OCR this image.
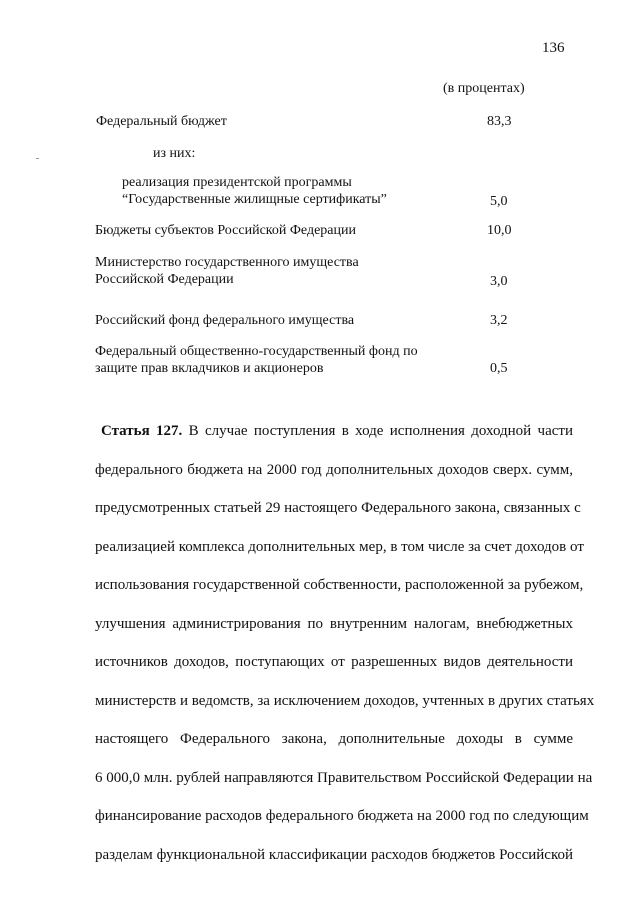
136
(в процентах)
Федеральный бюджет	83,3
из них:
реализация президентской программы
“Государственные жилищные сертификаты”	5,0
Бюджеты субъектов Российской Федерации	10,0
Министерство государственного имущества
Российской Федерации	3,0
Российский фонд федерального имущества	3,2
Федеральный общественно-государственный фонд по
защите прав вкладчиков и акционеров	0,5
Статья 127. В случае поступления в ходе исполнения доходной части
федерального бюджета на 2000 год дополнительных доходов сверх. сумм,
предусмотренных статьей 29 настоящего Федерального закона, связанных с
реализацией комплекса дополнительных мер, в том числе за счет доходов от
использования государственной собственности, расположенной за рубежом,
улучшения администрирования по внутренним налогам, внебюджетных
источников доходов, поступающих от разрешенных видов деятельности
министерств и ведомств, за исключением доходов, учтенных в других статьях
настоящего Федерального закона, дополнительные доходы в сумме
6 000,0 млн. рублей направляются Правительством Российской Федерации на
финансирование расходов федерального бюджета на 2000 год по следующим
разделам функциональной классификации расходов бюджетов Российской
